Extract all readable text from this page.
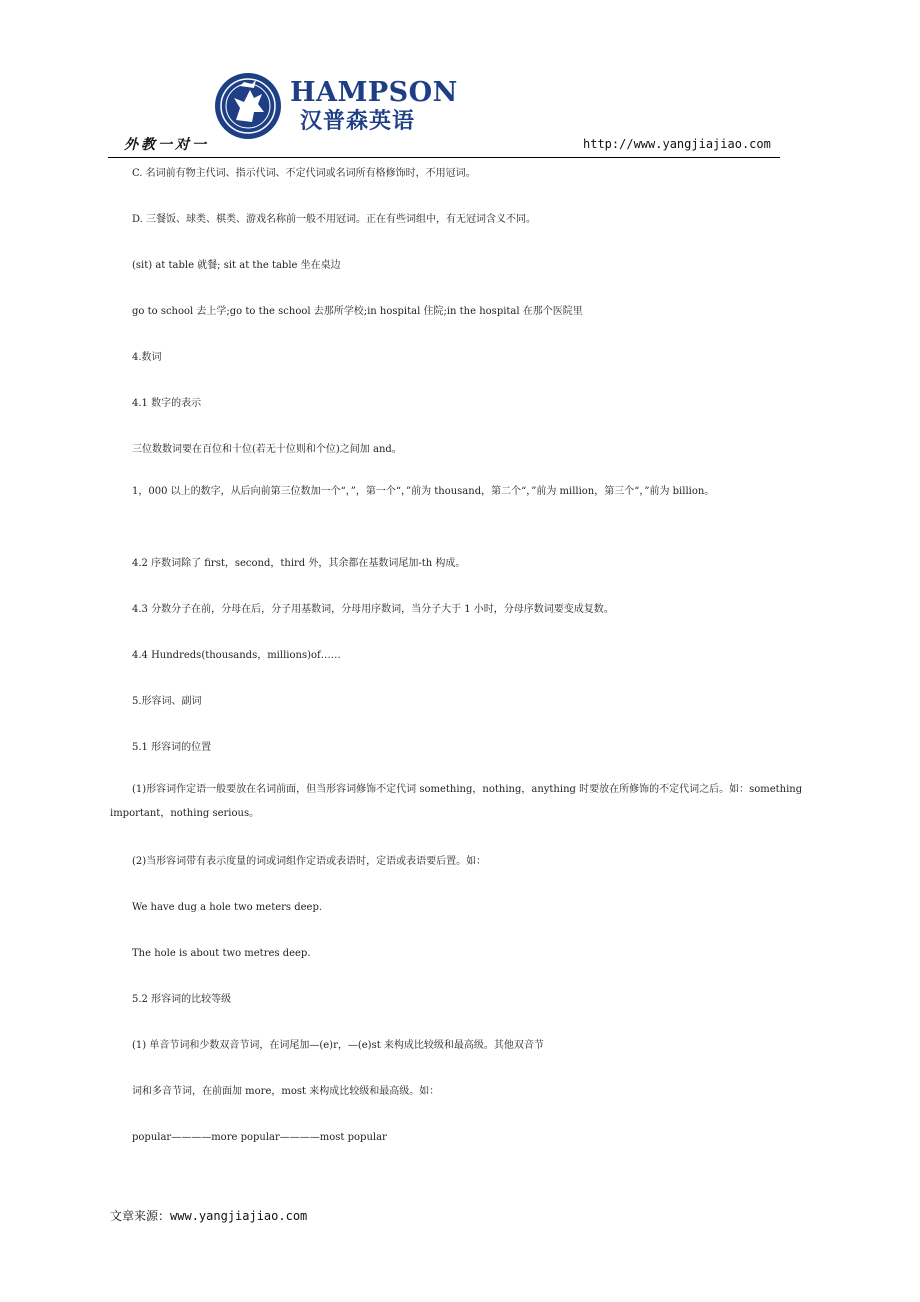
HAMPSON
汉普森英语
外教一对一	http://www.yangjiajiao.com
C. 名词前有物主代词、指示代词、不定代词或名词所有格修饰时，不用冠词。
D. 三餐饭、球类、棋类、游戏名称前一般不用冠词。正在有些词组中，有无冠词含义不同。
(sit) at table 就餐; sit at the table 坐在桌边
go to school 去上学;go to the school 去那所学校;in hospital 住院;in the hospital 在那个医院里
4.数词
4.1 数字的表示
三位数数词要在百位和十位(若无十位则和个位)之间加 and。
1，000 以上的数字，从后向前第三位数加一个“，”，第一个“，”前为 thousand，第二个“，”前为 million，第三个“，”前为 billion。
4.2 序数词除了 first，second，third 外，其余都在基数词尾加-th 构成。
4.3 分数分子在前，分母在后，分子用基数词，分母用序数词，当分子大于 1 小时，分母序数词要变成复数。
4.4 Hundreds(thousands，millions)of……
5.形容词、副词
5.1 形容词的位置
(1)形容词作定语一般要放在名词前面，但当形容词修饰不定代词 something，nothing，anything 时要放在所修饰的不定代词之后。如：something important，nothing serious。
(2)当形容词带有表示度量的词或词组作定语或表语时，定语或表语要后置。如：
We have dug a hole two meters deep.
The hole is about two metres deep.
5.2 形容词的比较等级
(1) 单音节词和少数双音节词，在词尾加—(e)r，—(e)st 来构成比较级和最高级。其他双音节
词和多音节词，在前面加 more，most 来构成比较级和最高级。如：
popular————more popular————most popular
文章来源：www.yangjiajiao.com
